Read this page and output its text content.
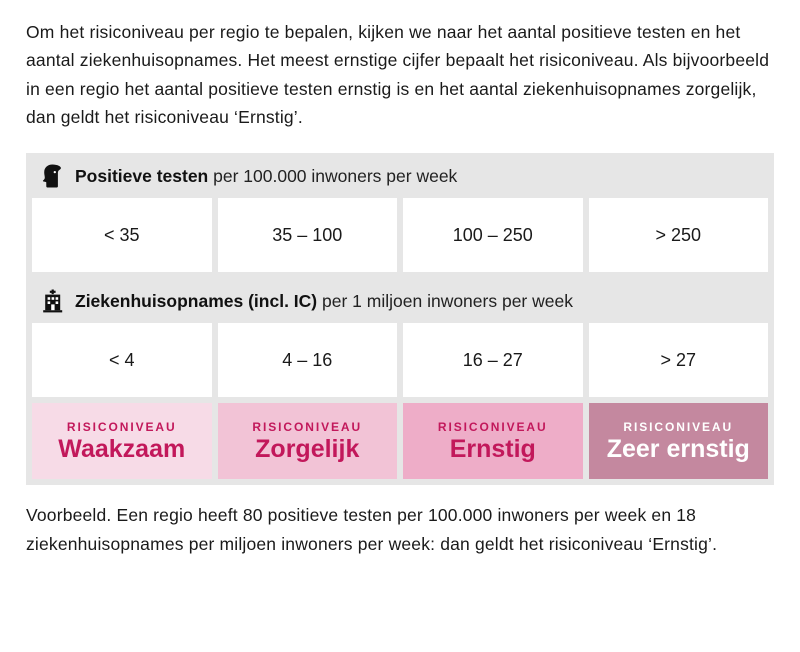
Om het risiconiveau per regio te bepalen, kijken we naar het aantal positieve testen en het aantal ziekenhuisopnames. Het meest ernstige cijfer bepaalt het risiconiveau. Als bijvoorbeeld in een regio het aantal positieve testen ernstig is en het aantal ziekenhuisopnames zorgelijk, dan geldt het risiconiveau ‘Ernstig’.

Positieve testen per 100.000 inwoners per week
< 35	35 – 100	100 – 250	> 250
Ziekenhuisopnames (incl. IC) per 1 miljoen inwoners per week
< 4	4 – 16	16 – 27	> 27
RISICONIVEAU
Waakzaam
RISICONIVEAU
Zorgelijk
RISICONIVEAU
Ernstig
RISICONIVEAU
Zeer ernstig

Voorbeeld. Een regio heeft 80 positieve testen per 100.000 inwoners per week en 18 ziekenhuisopnames per miljoen inwoners per week: dan geldt het risiconiveau ‘Ernstig’.
